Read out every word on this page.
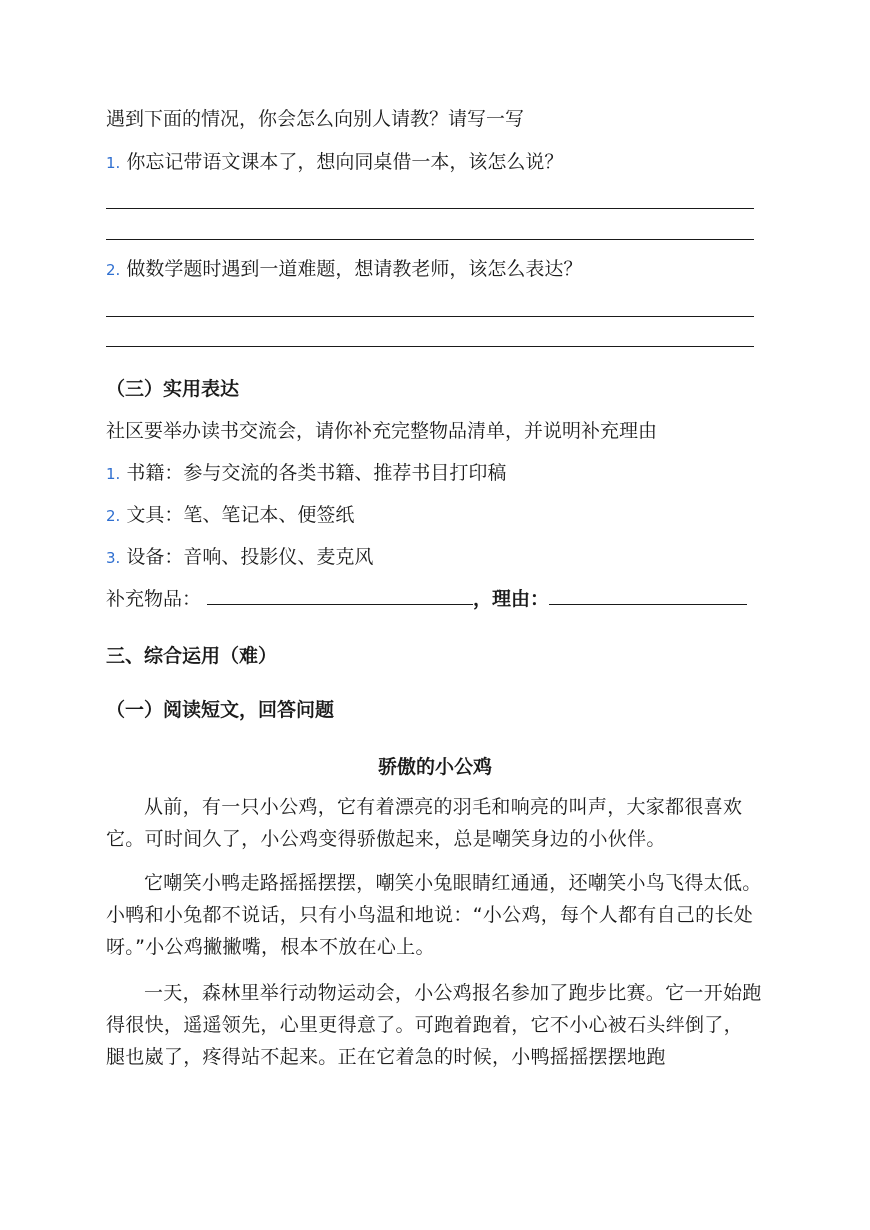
遇到下面的情况，你会怎么向别人请教？请写一写
1. 你忘记带语文课本了，想向同桌借一本，该怎么说？
2. 做数学题时遇到一道难题，想请教老师，该怎么表达？
（三）实用表达
社区要举办读书交流会，请你补充完整物品清单，并说明补充理由
1. 书籍：参与交流的各类书籍、推荐书目打印稿
2. 文具：笔、笔记本、便签纸
3. 设备：音响、投影仪、麦克风
补充物品：	，理由：
三、综合运用（难）
（一）阅读短文，回答问题
骄傲的小公鸡
从前，有一只小公鸡，它有着漂亮的羽毛和响亮的叫声，大家都很喜欢它。可时间久了，小公鸡变得骄傲起来，总是嘲笑身边的小伙伴。
它嘲笑小鸭走路摇摇摆摆，嘲笑小兔眼睛红通通，还嘲笑小鸟飞得太低。小鸭和小兔都不说话，只有小鸟温和地说：“小公鸡，每个人都有自己的长处呀。”小公鸡撇撇嘴，根本不放在心上。
一天，森林里举行动物运动会，小公鸡报名参加了跑步比赛。它一开始跑得很快，遥遥领先，心里更得意了。可跑着跑着，它不小心被石头绊倒了，腿也崴了，疼得站不起来。正在它着急的时候，小鸭摇摇摆摆地跑
